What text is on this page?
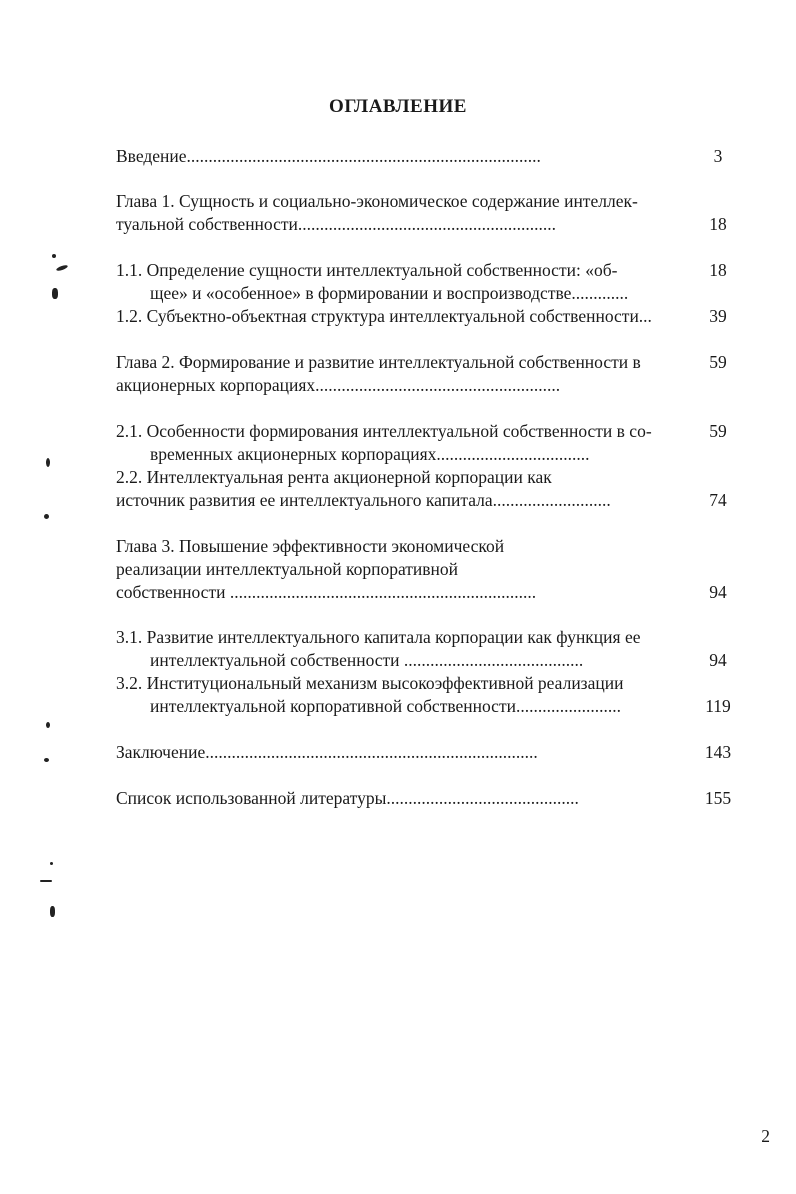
ОГЛАВЛЕНИЕ
Введение.................................................................................	3
Глава 1. Сущность и социально-экономическое содержание интеллек-
туальной собственности...........................................................	18
1.1. Определение сущности интеллектуальной собственности: «об-	18
щее» и «особенное» в формировании и воспроизводстве.............
1.2. Субъектно-объектная структура интеллектуальной собственности...	39
Глава 2. Формирование и развитие интеллектуальной собственности в	59
акционерных корпорациях........................................................
2.1. Особенности формирования интеллектуальной собственности в со-	59
временных акционерных корпорациях...................................
2.2. Интеллектуальная рента акционерной корпорации как
источник развития ее интеллектуального капитала...........................	74
Глава 3. Повышение эффективности экономической
реализации интеллектуальной корпоративной
собственности ......................................................................	94
3.1. Развитие интеллектуального капитала корпорации как функция ее
интеллектуальной собственности .........................................	94
3.2. Институциональный механизм высокоэффективной реализации
интеллектуальной корпоративной собственности........................	119
Заключение............................................................................	143
Список использованной литературы............................................	155
2
